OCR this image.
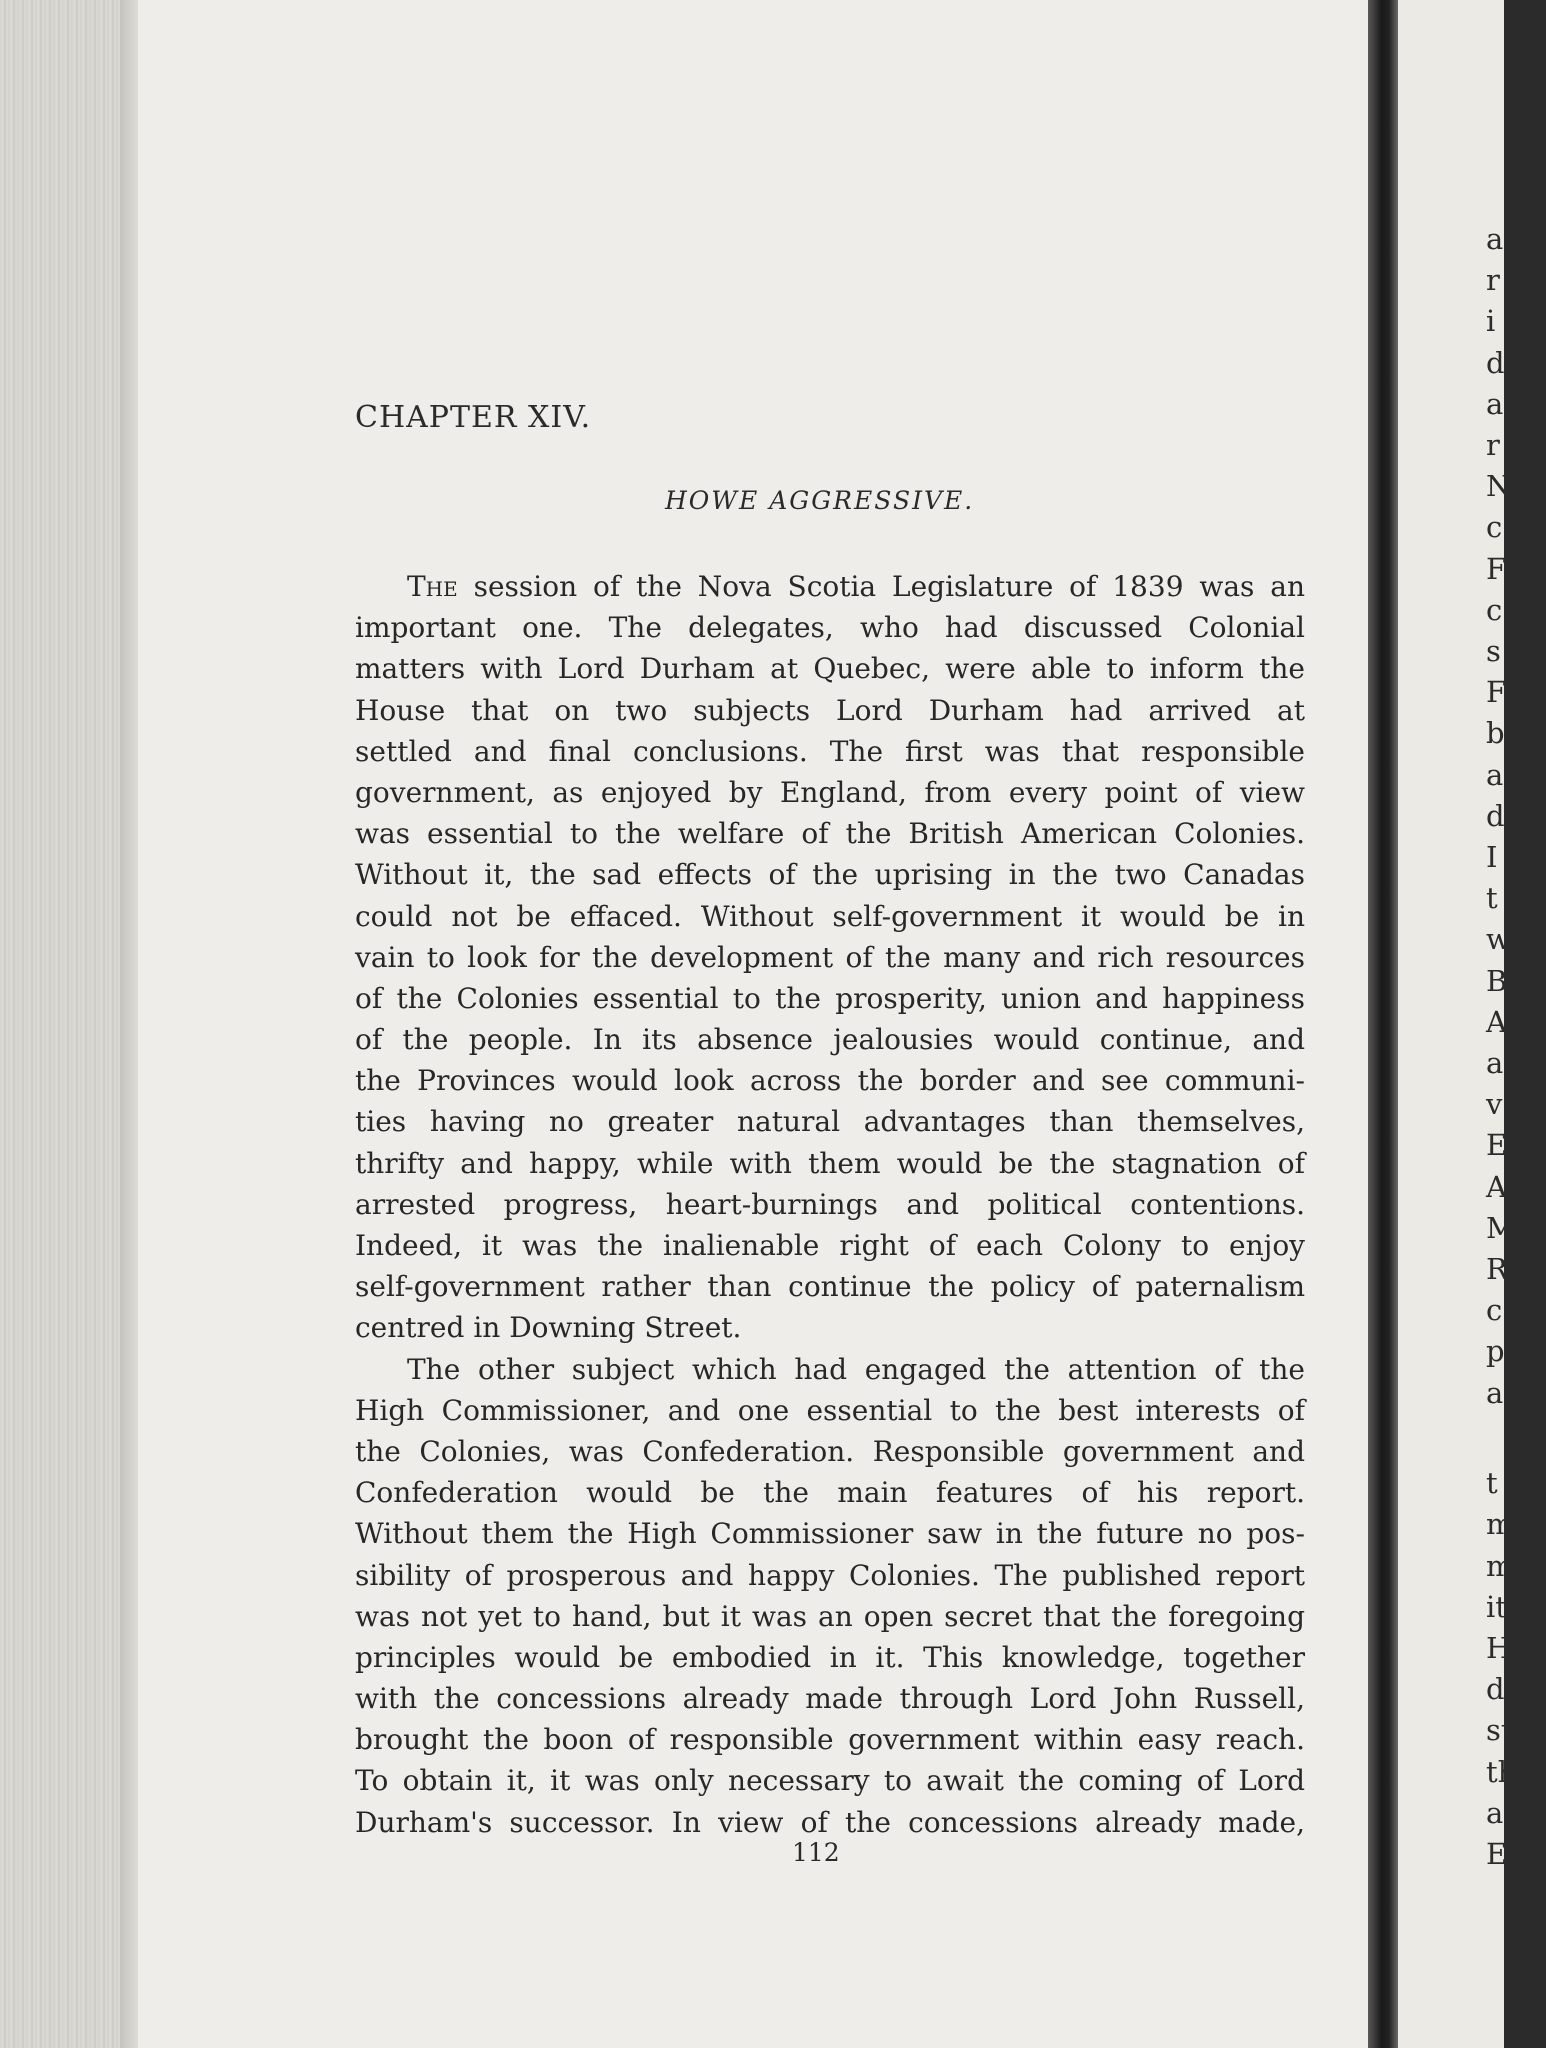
CHAPTER XIV.
HOWE AGGRESSIVE.
The session of the Nova Scotia Legislature of 1839 was an
important one. The delegates, who had discussed Colonial
matters with Lord Durham at Quebec, were able to inform the
House that on two subjects Lord Durham had arrived at
settled and final conclusions. The first was that responsible
government, as enjoyed by England, from every point of view
was essential to the welfare of the British American Colonies.
Without it, the sad effects of the uprising in the two Canadas
could not be effaced. Without self-government it would be in
vain to look for the development of the many and rich resources
of the Colonies essential to the prosperity, union and happiness
of the people. In its absence jealousies would continue, and
the Provinces would look across the border and see communi-
ties having no greater natural advantages than themselves,
thrifty and happy, while with them would be the stagnation of
arrested progress, heart-burnings and political contentions.
Indeed, it was the inalienable right of each Colony to enjoy
self-government rather than continue the policy of paternalism
centred in Downing Street.
The other subject which had engaged the attention of the
High Commissioner, and one essential to the best interests of
the Colonies, was Confederation. Responsible government and
Confederation would be the main features of his report.
Without them the High Commissioner saw in the future no pos-
sibility of prosperous and happy Colonies. The published report
was not yet to hand, but it was an open secret that the foregoing
principles would be embodied in it. This knowledge, together
with the concessions already made through Lord John Russell,
brought the boon of responsible government within easy reach.
To obtain it, it was only necessary to await the coming of Lord
Durham's successor. In view of the concessions already made,
112
a
r
i
d
a
r
N
c
F
c
s
F
b
a
d
I
t
w
B
A
a
v
E
A
M
R
c
p
a
t
m
m
it
H
d
st
th
a
E
